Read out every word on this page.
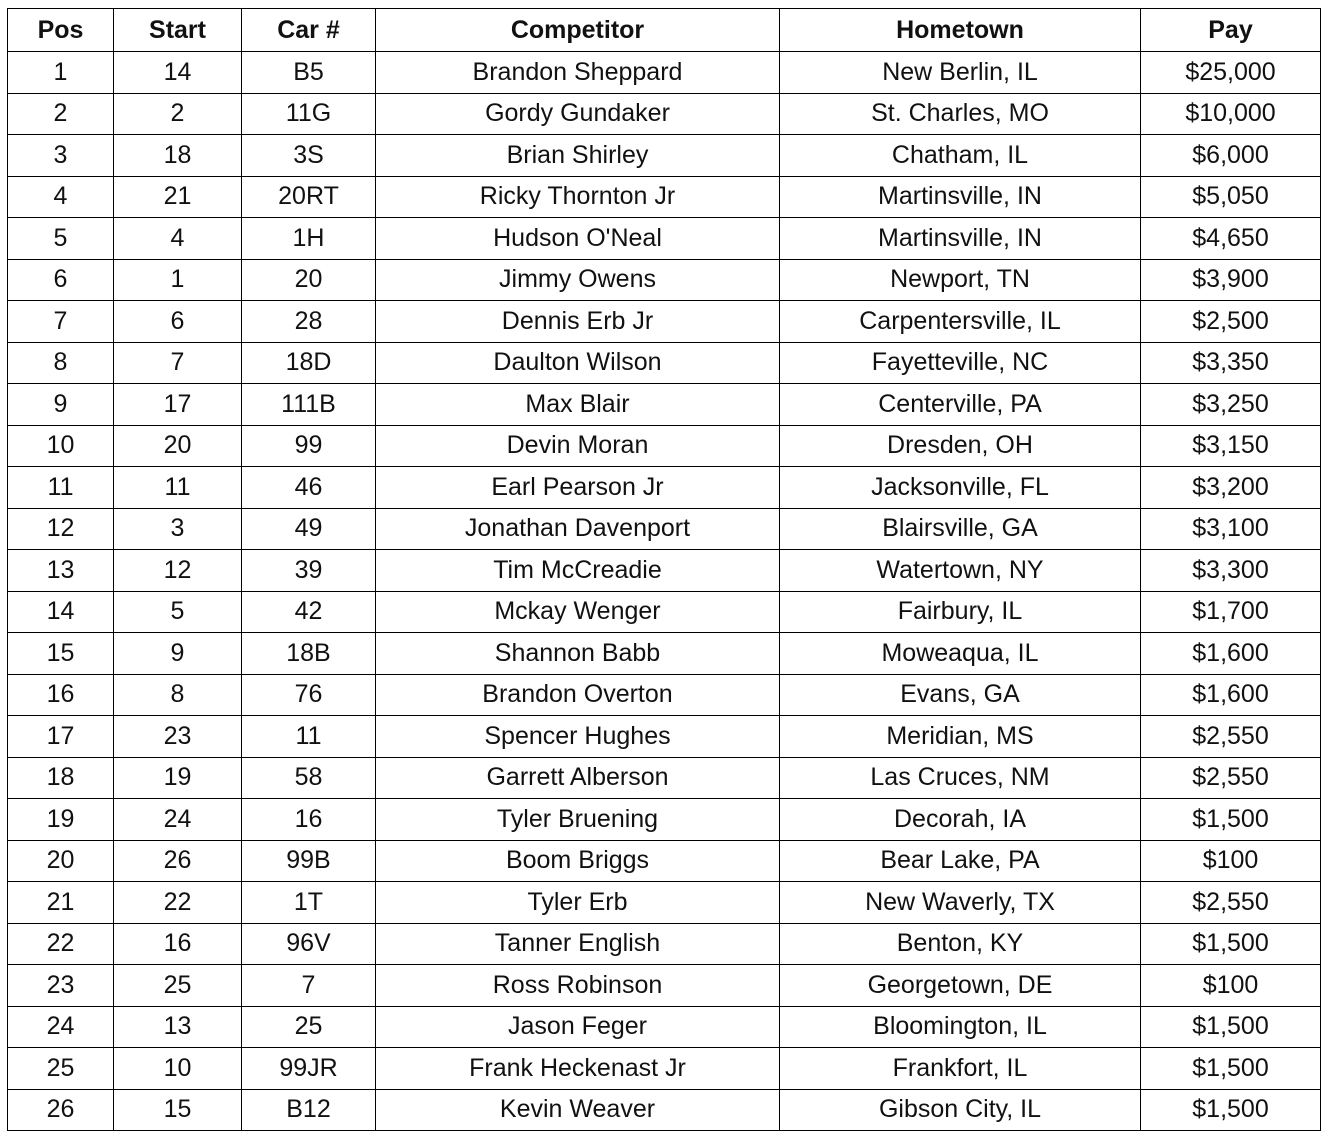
Pos	Start	Car #	Competitor	Hometown	Pay
1	14	B5	Brandon Sheppard	New Berlin, IL	$25,000
2	2	11G	Gordy Gundaker	St. Charles, MO	$10,000
3	18	3S	Brian Shirley	Chatham, IL	$6,000
4	21	20RT	Ricky Thornton Jr	Martinsville, IN	$5,050
5	4	1H	Hudson O'Neal	Martinsville, IN	$4,650
6	1	20	Jimmy Owens	Newport, TN	$3,900
7	6	28	Dennis Erb Jr	Carpentersville, IL	$2,500
8	7	18D	Daulton Wilson	Fayetteville, NC	$3,350
9	17	111B	Max Blair	Centerville, PA	$3,250
10	20	99	Devin Moran	Dresden, OH	$3,150
11	11	46	Earl Pearson Jr	Jacksonville, FL	$3,200
12	3	49	Jonathan Davenport	Blairsville, GA	$3,100
13	12	39	Tim McCreadie	Watertown, NY	$3,300
14	5	42	Mckay Wenger	Fairbury, IL	$1,700
15	9	18B	Shannon Babb	Moweaqua, IL	$1,600
16	8	76	Brandon Overton	Evans, GA	$1,600
17	23	11	Spencer Hughes	Meridian, MS	$2,550
18	19	58	Garrett Alberson	Las Cruces, NM	$2,550
19	24	16	Tyler Bruening	Decorah, IA	$1,500
20	26	99B	Boom Briggs	Bear Lake, PA	$100
21	22	1T	Tyler Erb	New Waverly, TX	$2,550
22	16	96V	Tanner English	Benton, KY	$1,500
23	25	7	Ross Robinson	Georgetown, DE	$100
24	13	25	Jason Feger	Bloomington, IL	$1,500
25	10	99JR	Frank Heckenast Jr	Frankfort, IL	$1,500
26	15	B12	Kevin Weaver	Gibson City, IL	$1,500
